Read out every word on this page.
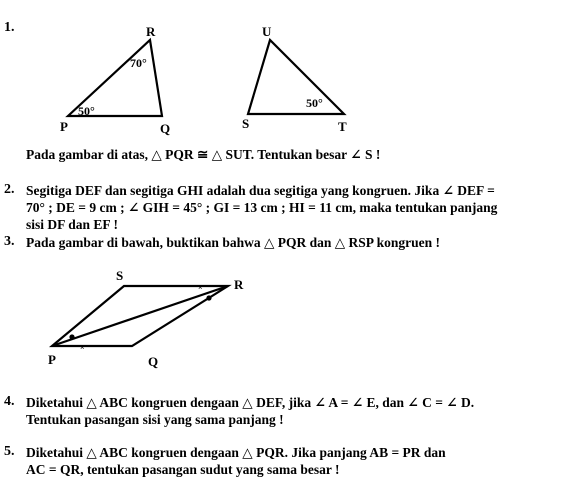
1.	R
70°
50°
P	Q
U
50°
S	T
Pada gambar di atas, △ PQR ≅ △ SUT. Tentukan besar ∠ S !
2. Segitiga DEF dan segitiga GHI adalah dua segitiga yang kongruen. Jika ∠ DEF =
70° ; DE = 9 cm ; ∠ GIH = 45° ; GI = 13 cm ; HI = 11 cm, maka tentukan panjang
sisi DF dan EF !
3. Pada gambar di bawah, buktikan bahwa △ PQR dan △ RSP kongruen !
×
×
S
R
P	Q
4. Diketahui △ ABC kongruen dengaan △ DEF, jika ∠ A = ∠ E, dan ∠ C = ∠ D.
Tentukan pasangan sisi yang sama panjang !
5. Diketahui △ ABC kongruen dengaan △ PQR. Jika panjang AB = PR dan
AC = QR, tentukan pasangan sudut yang sama besar !
